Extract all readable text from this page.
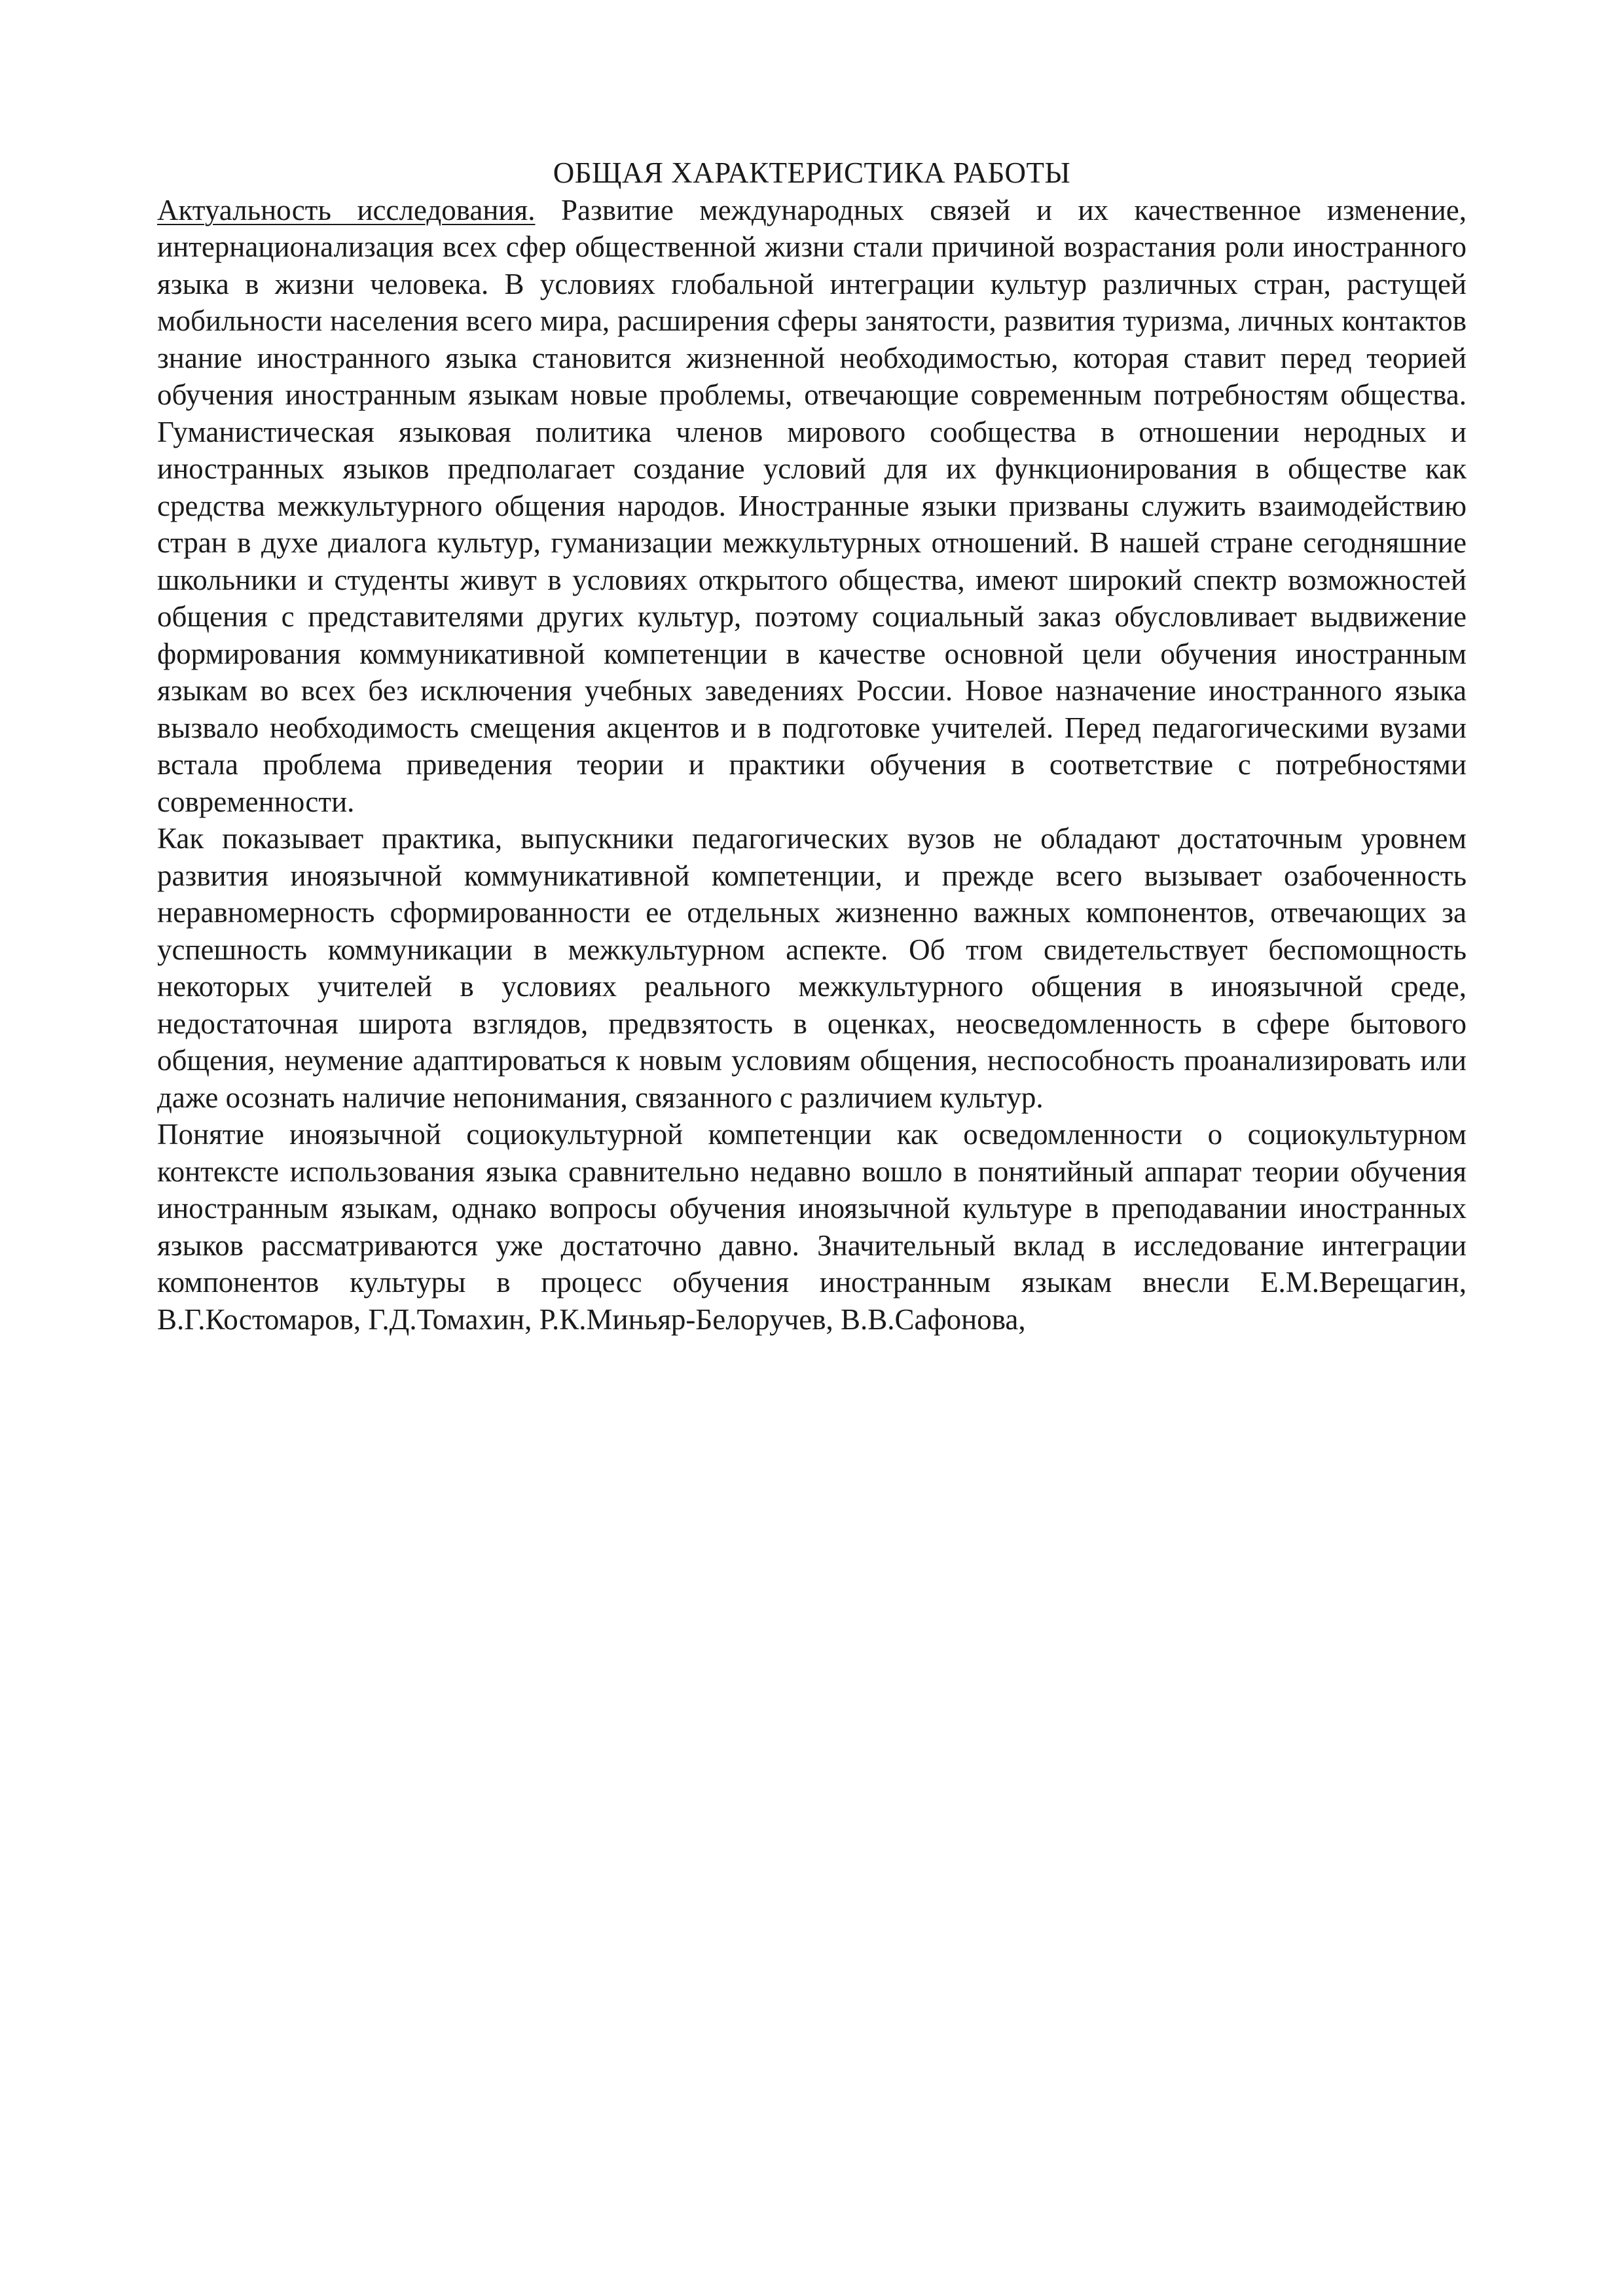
ОБЩАЯ ХАРАКТЕРИСТИКА РАБОТЫ

Актуальность исследования. Развитие международных связей и их качественное изменение, интернационализация всех сфер общественной жизни стали причиной возрастания роли иностранного языка в жизни человека. В условиях глобальной интеграции культур различных стран, растущей мобильности населения всего мира, расширения сферы занятости, развития туризма, личных контактов знание иностранного языка становится жизненной необходимостью, которая ставит перед теорией обучения иностранным языкам новые проблемы, отвечающие современным потребностям общества. Гуманистическая языковая политика членов мирового сообщества в отношении неродных и иностранных языков предполагает создание условий для их функционирования в обществе как средства межкультурного общения народов. Иностранные языки призваны служить взаимодействию стран в духе диалога культур, гуманизации межкультурных отношений. В нашей стране сегодняшние школьники и студенты живут в условиях открытого общества, имеют широкий спектр возможностей общения с представителями других культур, поэтому социальный заказ обусловливает выдвижение формирования коммуникативной компетенции в качестве основной цели обучения иностранным языкам во всех без исключения учебных заведениях России. Новое назначение иностранного языка вызвало необходимость смещения акцентов и в подготовке учителей. Перед педагогическими вузами встала проблема приведения теории и практики обучения в соответствие с потребностями современности.

Как показывает практика, выпускники педагогических вузов не обладают достаточным уровнем развития иноязычной коммуникативной компетенции, и прежде всего вызывает озабоченность неравномерность сформированности ее отдельных жизненно важных компонентов, отвечающих за успешность коммуникации в межкультурном аспекте. Об тгом свидетельствует беспомощность некоторых учителей в условиях реального межкультурного общения в иноязычной среде, недостаточная широта взглядов, предвзятость в оценках, неосведомленность в сфере бытового общения, неумение адаптироваться к новым условиям общения, неспособность проанализировать или даже осознать наличие непонимания, связанного с различием культур.

Понятие иноязычной социокультурной компетенции как осведомленности о социокультурном контексте использования языка сравнительно недавно вошло в понятийный аппарат теории обучения иностранным языкам, однако вопросы обучения иноязычной культуре в преподавании иностранных языков рассматриваются уже достаточно давно. Значительный вклад в исследование интеграции компонентов культуры в процесс обучения иностранным языкам внесли Е.М.Верещагин, В.Г.Костомаров, Г.Д.Томахин, Р.К.Миньяр-Белоручев, В.В.Сафонова,
